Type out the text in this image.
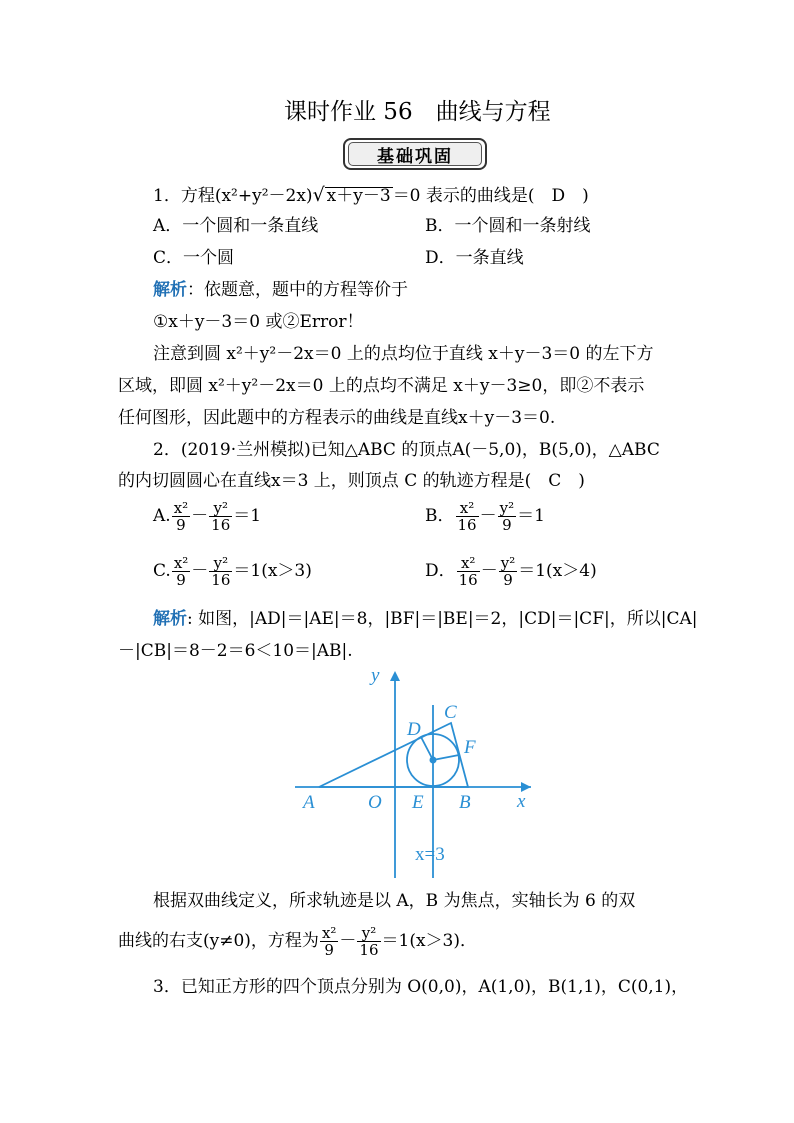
课时作业 56　曲线与方程
基础巩固
1．方程(x²+y²－2x)√ x＋y－3 ＝0 表示的曲线是(　D　)
A．一个圆和一条直线	B．一个圆和一条射线
C．一个圆	D．一条直线
解析：依题意，题中的方程等价于
①x＋y－3＝0 或②Error！
注意到圆 x²＋y²－2x＝0 上的点均位于直线 x＋y－3＝0 的左下方
区域，即圆 x²＋y²－2x＝0 上的点均不满足 x＋y－3≥0，即②不表示
任何图形，因此题中的方程表示的曲线是直线x＋y－3＝0.
2．(2019·兰州模拟)已知△ABC 的顶点A(－5,0)，B(5,0)，△ABC
的内切圆圆心在直线x＝3 上，则顶点 C 的轨迹方程是(　C　)
A. $\frac{\text{x²}}{9} - \frac{\text{y²}}{16} =1$	B． $\frac{\text{x²}}{16} - \frac{\text{y²}}{9} =1$
C. $\frac{\text{x²}}{9} - \frac{\text{y²}}{16} =1(x>3)$	D． $\frac{\text{x²}}{16} - \frac{\text{y²}}{9} =1(x>4)$
解析: 如图，|AD|＝|AE|＝8，|BF|＝|BE|＝2，|CD|＝|CF|，所以|CA|
－|CB|＝8－2＝6＜10＝|AB|.
y
x
A	O E B
C
D
F
x=3
根据双曲线定义，所求轨迹是以 A，B 为焦点，实轴长为 6 的双
曲线的右支(y≠0)，方程为 $\frac{\text{x²}}{9} - \frac{\text{y²}}{16} =1(x>3)$．
3．已知正方形的四个顶点分别为 O(0,0)，A(1,0)，B(1,1)，C(0,1)，
